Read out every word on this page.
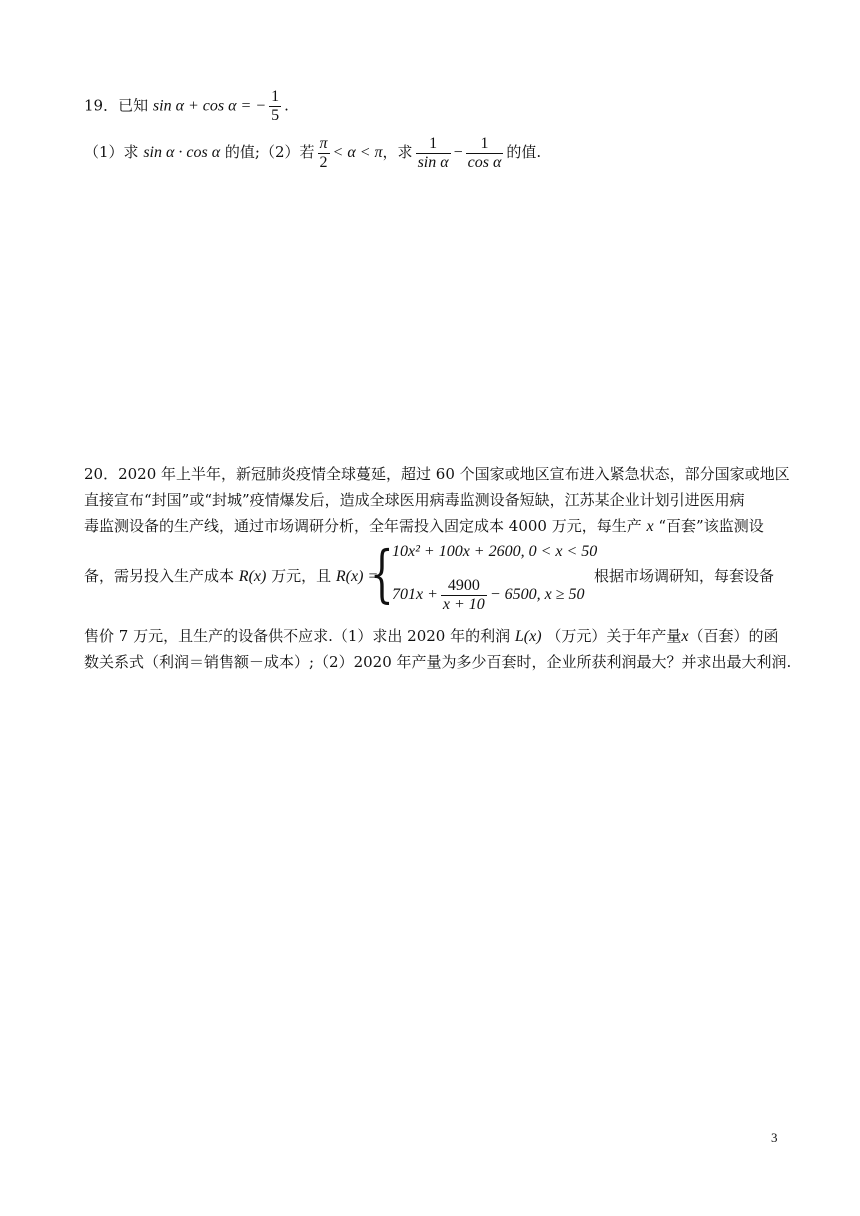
19．已知 sin α + cos α = − $\frac{1}{5}$ .
（1）求 sin α · cos α 的值;（2）若 $\frac{\pi}{2} < \alpha < \pi$，求 $\frac{1}{\text{sin α}} - \frac{1}{\text{cos α}}$ 的值.
20．2020 年上半年，新冠肺炎疫情全球蔓延，超过 60 个国家或地区宣布进入紧急状态，部分国家或地区
直接宣布“封国”或“封城”疫情爆发后，造成全球医用病毒监测设备短缺，江苏某企业计划引进医用病
毒监测设备的生产线，通过市场调研分析，全年需投入固定成本 4000 万元，每生产 x “百套”该监测设
备，需另投入生产成本 R(x) 万元，且 R(x) =
{
10x² + 100x + 2600, 0 < x < 50
$701x + \frac{4900}{x + 10} - 6500$, x ≥ 50
根据市场调研知，每套设备
售价 7 万元，且生产的设备供不应求.（1）求出 2020 年的利润 L(x) （万元）关于年产量x（百套）的函
数关系式（利润＝销售额－成本）;（2）2020 年产量为多少百套时，企业所获利润最大？并求出最大利润.
3
